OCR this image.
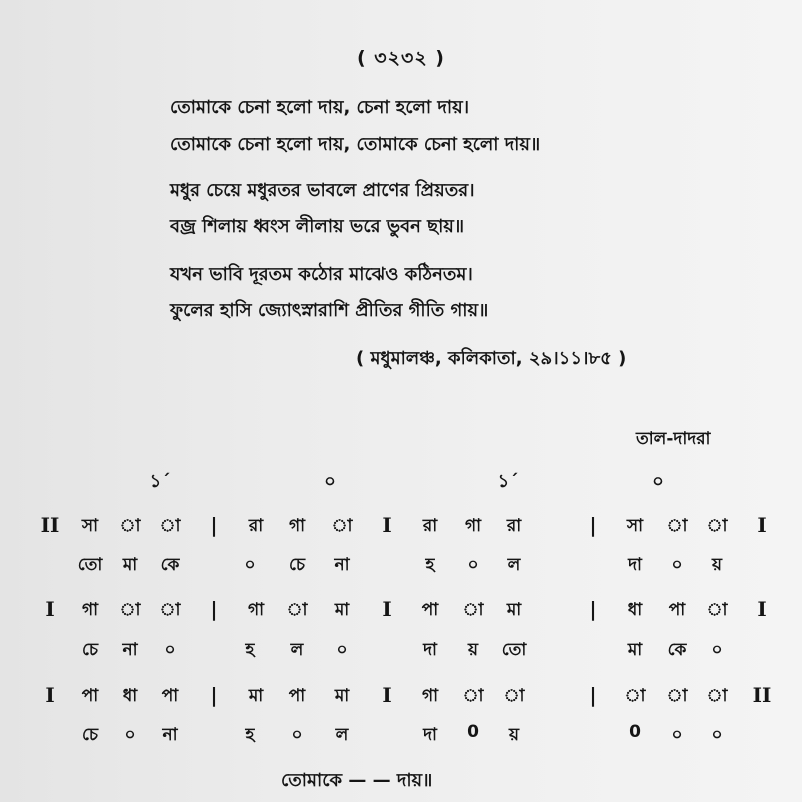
( ৩২৩২ )
তোমাকে চেনা হলো দায়, চেনা হলো দায়।
তোমাকে চেনা হলো দায়, তোমাকে চেনা হলো দায়॥
মধুর চেয়ে মধুরতর ভাবলে প্রাণের প্রিয়তর।
বজ্র শিলায় ধ্বংস লীলায় ভরে ভুবন ছায়॥
যখন ভাবি দূরতম কঠোর মাঝেও কঠিনতম।
ফুলের হাসি জ্যোৎস্নারাশি প্রীতির গীতি গায়॥
( মধুমালঞ্চ, কলিকাতা, ২৯।১১।৮৫ )
তাল-দাদরা
১´	০	১´	০
II সা া া | রা গা া I রা গা রা	| সা া া I
তো মা কে	০ চে না	হ ০ ল	দা ০ য়
I গা া া | গা া মা I পা া মা	| ধা পা া I
চে না ০	হ ল ০	দা য় তো	মা কে ০
I পা ধা পা | মা পা মা I গা া া	| া া া II
চে ০ না	হ ০ ল	দা 0 য়	0 ০ ০
তোমাকে — — দায়॥
